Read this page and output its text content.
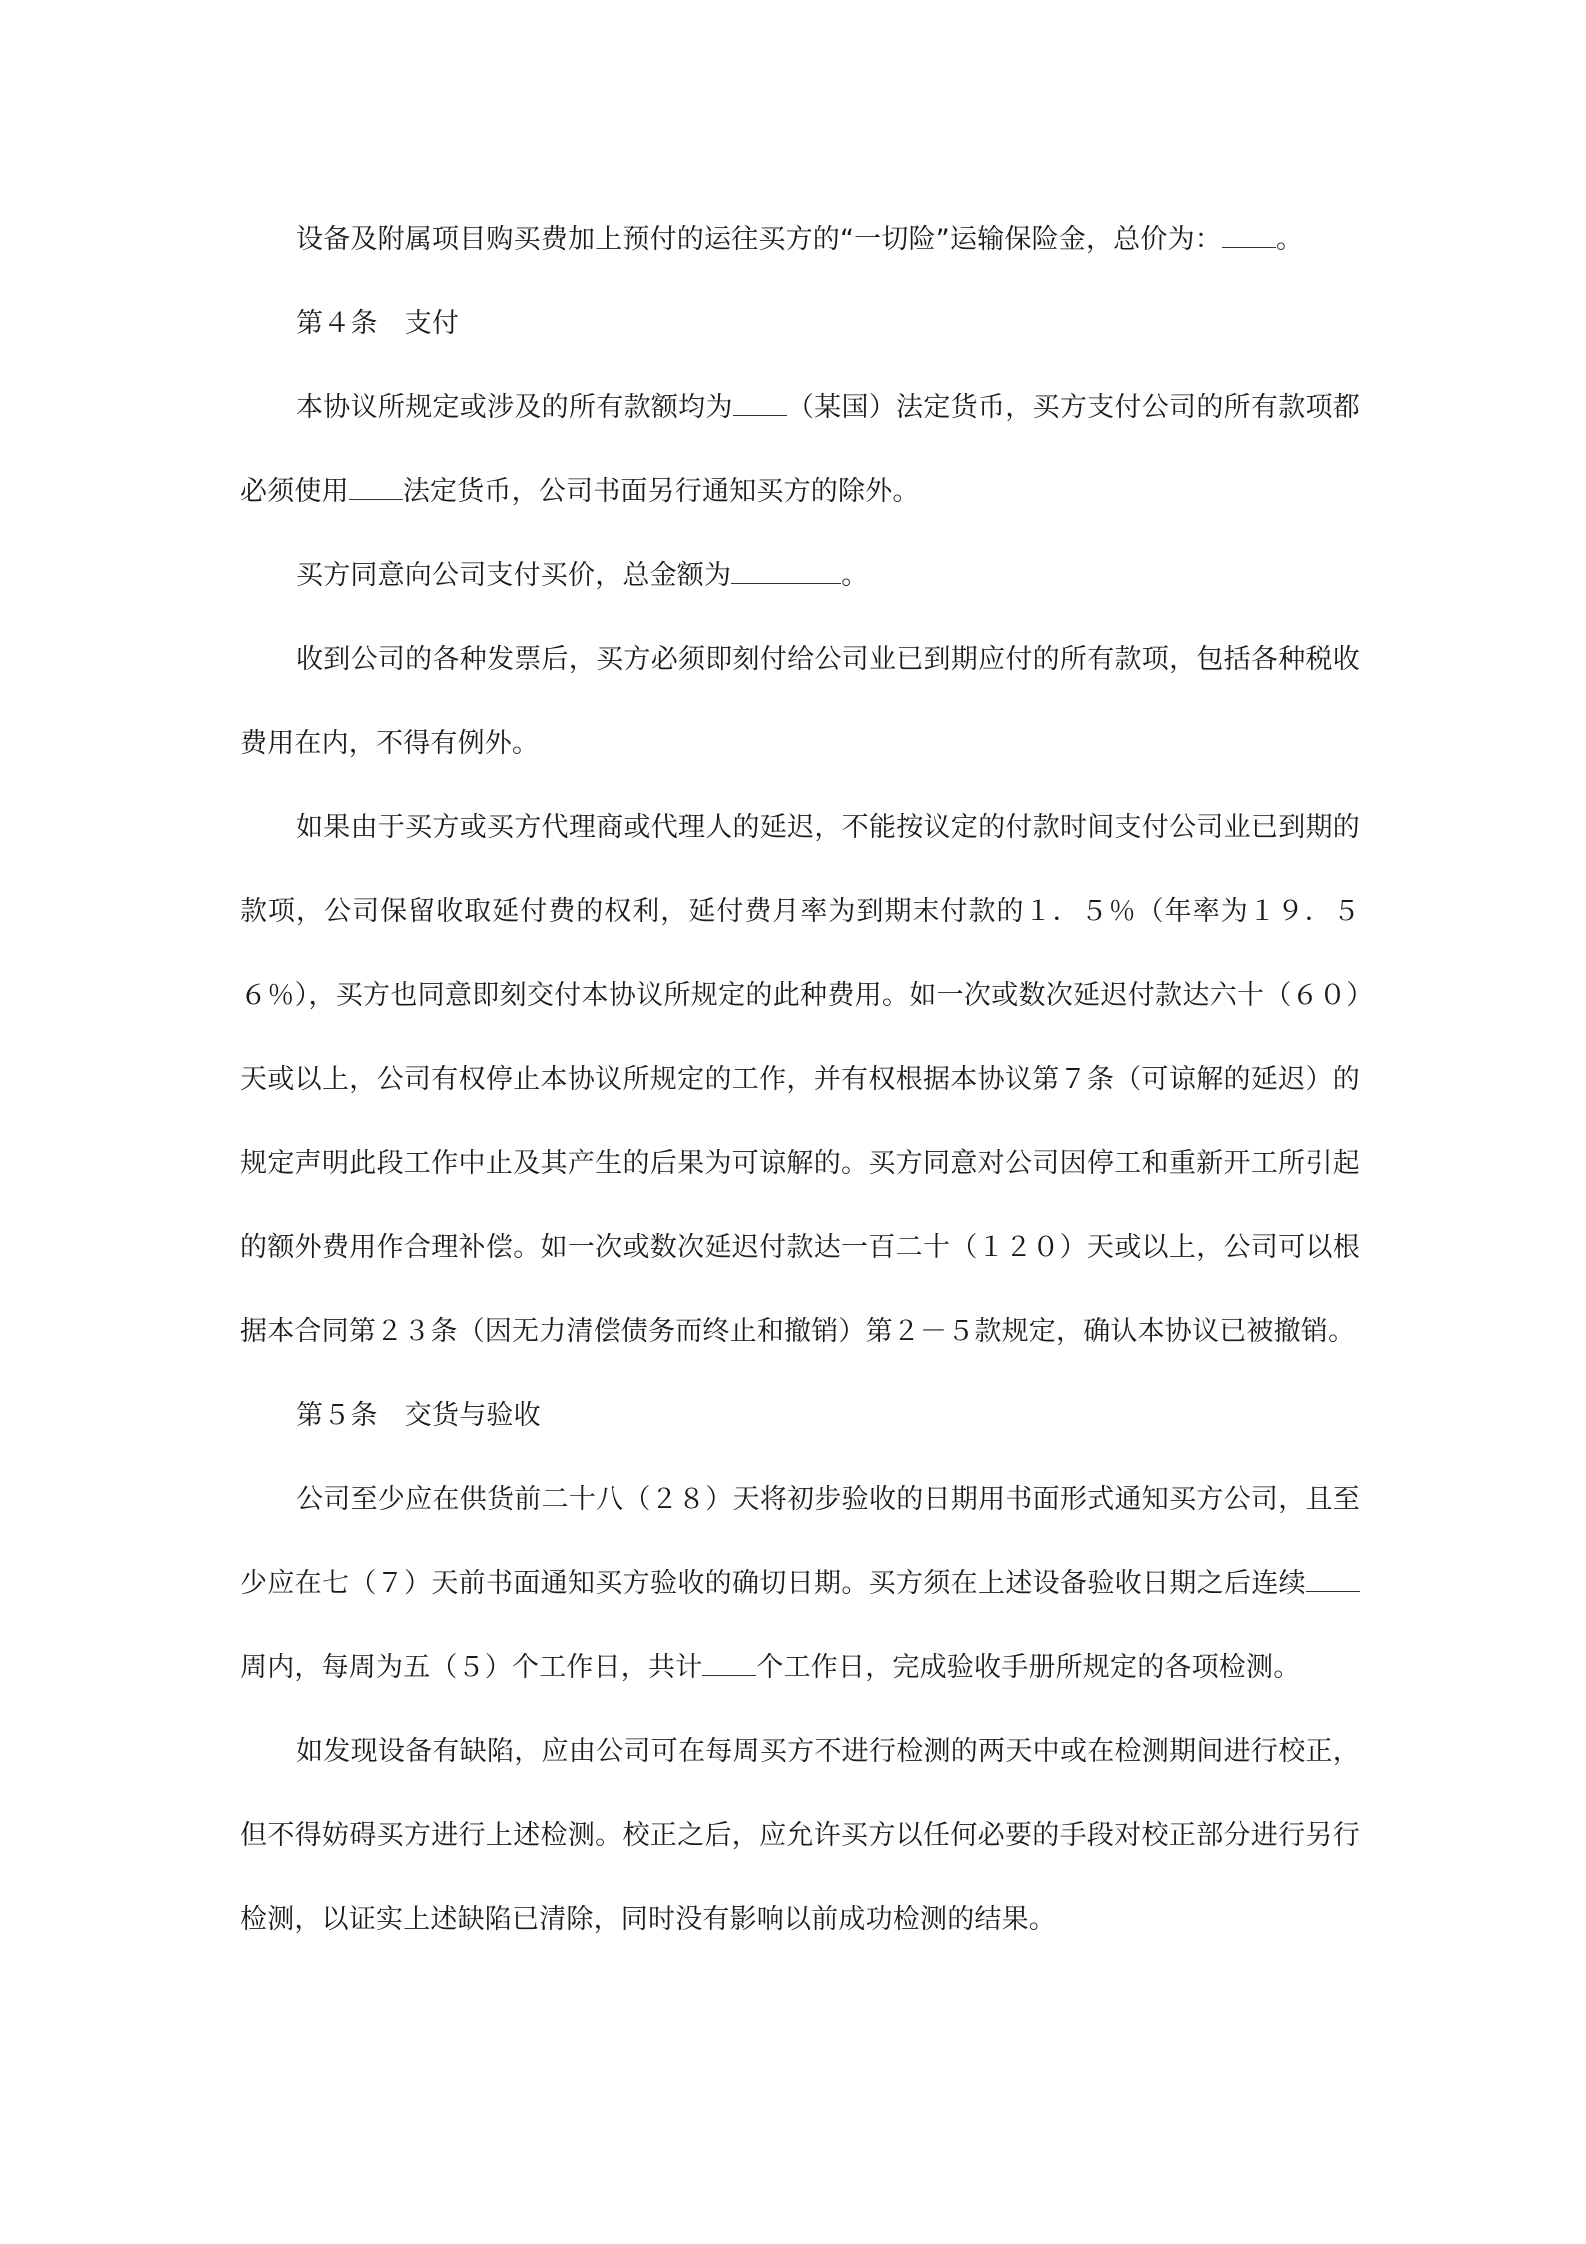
设备及附属项目购买费加上预付的运往买方的“一切险”运输保险金，总价为： 。

第４条　支付

本协议所规定或涉及的所有款额均为 （某国）法定货币，买方支付公司的所有款项都必须使用 法定货币，公司书面另行通知买方的除外。

买方同意向公司支付买价，总金额为	。

收到公司的各种发票后，买方必须即刻付给公司业已到期应付的所有款项，包括各种税收费用在内，不得有例外。

如果由于买方或买方代理商或代理人的延迟，不能按议定的付款时间支付公司业已到期的款项，公司保留收取延付费的权利，延付费月率为到期末付款的１．５％（年率为１９．５６％），买方也同意即刻交付本协议所规定的此种费用。如一次或数次延迟付款达六十（６０）天或以上，公司有权停止本协议所规定的工作，并有权根据本协议第７条（可谅解的延迟）的规定声明此段工作中止及其产生的后果为可谅解的。买方同意对公司因停工和重新开工所引起的额外费用作合理补偿。如一次或数次延迟付款达一百二十（１２０）天或以上，公司可以根据本合同第２３条（因无力清偿债务而终止和撤销）第２－５款规定，确认本协议已被撤销。

第５条　交货与验收

公司至少应在供货前二十八（２８）天将初步验收的日期用书面形式通知买方公司，且至少应在七（７）天前书面通知买方验收的确切日期。买方须在上述设备验收日期之后连续周内，每周为五（５）个工作日，共计 个工作日，完成验收手册所规定的各项检测。

如发现设备有缺陷，应由公司可在每周买方不进行检测的两天中或在检测期间进行校正，但不得妨碍买方进行上述检测。校正之后，应允许买方以任何必要的手段对校正部分进行另行检测，以证实上述缺陷已清除，同时没有影响以前成功检测的结果。
